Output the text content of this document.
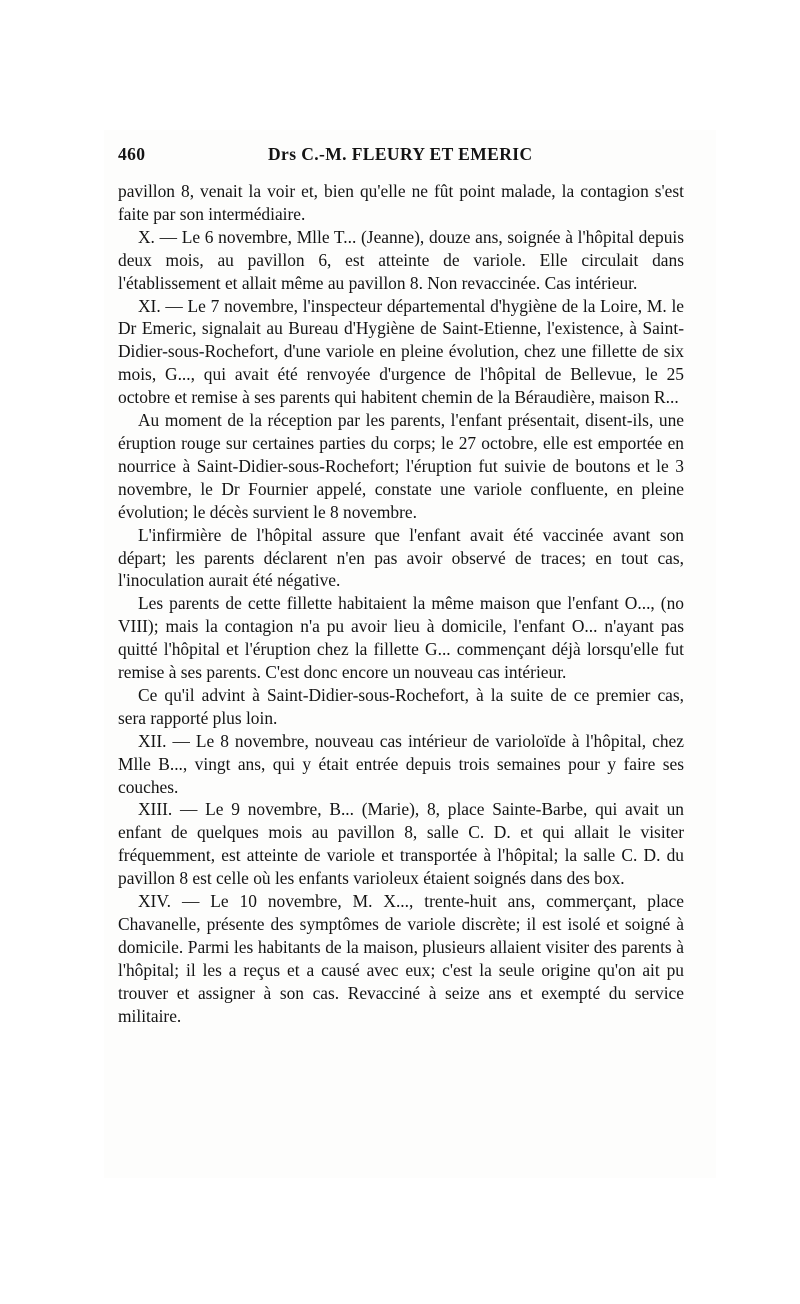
460	Drs C.-M. FLEURY ET EMERIC

pavillon 8, venait la voir et, bien qu'elle ne fût point malade, la contagion s'est faite par son intermédiaire.

X. — Le 6 novembre, Mlle T... (Jeanne), douze ans, soignée à l'hôpital depuis deux mois, au pavillon 6, est atteinte de variole. Elle circulait dans l'établissement et allait même au pavillon 8. Non revaccinée. Cas intérieur.

XI. — Le 7 novembre, l'inspecteur départemental d'hygiène de la Loire, M. le Dr Emeric, signalait au Bureau d'Hygiène de Saint-Etienne, l'existence, à Saint-Didier-sous-Rochefort, d'une variole en pleine évolution, chez une fillette de six mois, G..., qui avait été renvoyée d'urgence de l'hôpital de Bellevue, le 25 octobre et remise à ses parents qui habitent chemin de la Béraudière, maison R...

Au moment de la réception par les parents, l'enfant présentait, disent-ils, une éruption rouge sur certaines parties du corps; le 27 octobre, elle est emportée en nourrice à Saint-Didier-sous-Rochefort; l'éruption fut suivie de boutons et le 3 novembre, le Dr Fournier appelé, constate une variole confluente, en pleine évolution; le décès survient le 8 novembre.

L'infirmière de l'hôpital assure que l'enfant avait été vaccinée avant son départ; les parents déclarent n'en pas avoir observé de traces; en tout cas, l'inoculation aurait été négative.

Les parents de cette fillette habitaient la même maison que l'enfant O..., (no VIII); mais la contagion n'a pu avoir lieu à domicile, l'enfant O... n'ayant pas quitté l'hôpital et l'éruption chez la fillette G... commençant déjà lorsqu'elle fut remise à ses parents. C'est donc encore un nouveau cas intérieur.

Ce qu'il advint à Saint-Didier-sous-Rochefort, à la suite de ce premier cas, sera rapporté plus loin.

XII. — Le 8 novembre, nouveau cas intérieur de varioloïde à l'hôpital, chez Mlle B..., vingt ans, qui y était entrée depuis trois semaines pour y faire ses couches.

XIII. — Le 9 novembre, B... (Marie), 8, place Sainte-Barbe, qui avait un enfant de quelques mois au pavillon 8, salle C. D. et qui allait le visiter fréquemment, est atteinte de variole et transportée à l'hôpital; la salle C. D. du pavillon 8 est celle où les enfants varioleux étaient soignés dans des box.

XIV. — Le 10 novembre, M. X..., trente-huit ans, commerçant, place Chavanelle, présente des symptômes de variole discrète; il est isolé et soigné à domicile. Parmi les habitants de la maison, plusieurs allaient visiter des parents à l'hôpital; il les a reçus et a causé avec eux; c'est la seule origine qu'on ait pu trouver et assigner à son cas. Revacciné à seize ans et exempté du service militaire.
